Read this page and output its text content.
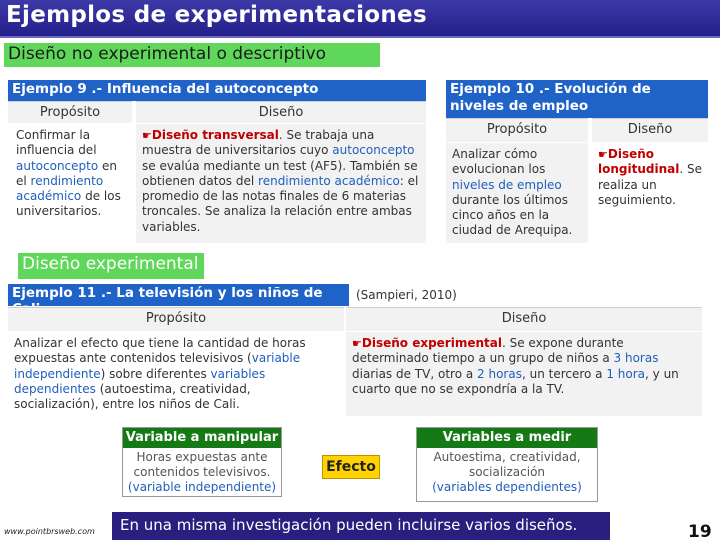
Ejemplos de experimentaciones
Diseño no experimental o descriptivo
Ejemplo 9 .- Influencia del autoconcepto
Propósito	Diseño
Confirmar la influencia del autoconcepto en el rendimiento académico de los universitarios.
☛Diseño transversal. Se trabaja una muestra de universitarios cuyo autoconcepto se evalúa mediante un test (AF5). También se obtienen datos del rendimiento académico: el promedio de las notas finales de 6 materias troncales. Se analiza la relación entre ambas variables.
Ejemplo 10 .- Evolución de niveles de empleo
Propósito	Diseño
Analizar cómo evolucionan los niveles de empleo durante los últimos cinco años en la ciudad de Arequipa.
☛Diseño longitudinal. Se realiza un seguimiento.
Diseño experimental
Ejemplo 11 .- La televisión y los niños de	(Sampieri, 2010)
Propósito	Diseño
Analizar el efecto que tiene la cantidad de horas expuestas ante contenidos televisivos (variable independiente) sobre diferentes variables dependientes (autoestima, creatividad, socialización), entre los niños de Cali.
☛Diseño experimental. Se expone durante determinado tiempo a un grupo de niños a 3 horas diarias de TV, otro a 2 horas, un tercero a 1 hora, y un cuarto que no se expondría a la TV.
Variable a manipular
Horas expuestas ante contenidos televisivos.
(variable independiente)
Efecto
Variables a medir
Autoestima, creatividad, socialización
(variables dependientes)
www.pointbrsweb.com	En una misma investigación pueden incluirse varios diseños.	19
